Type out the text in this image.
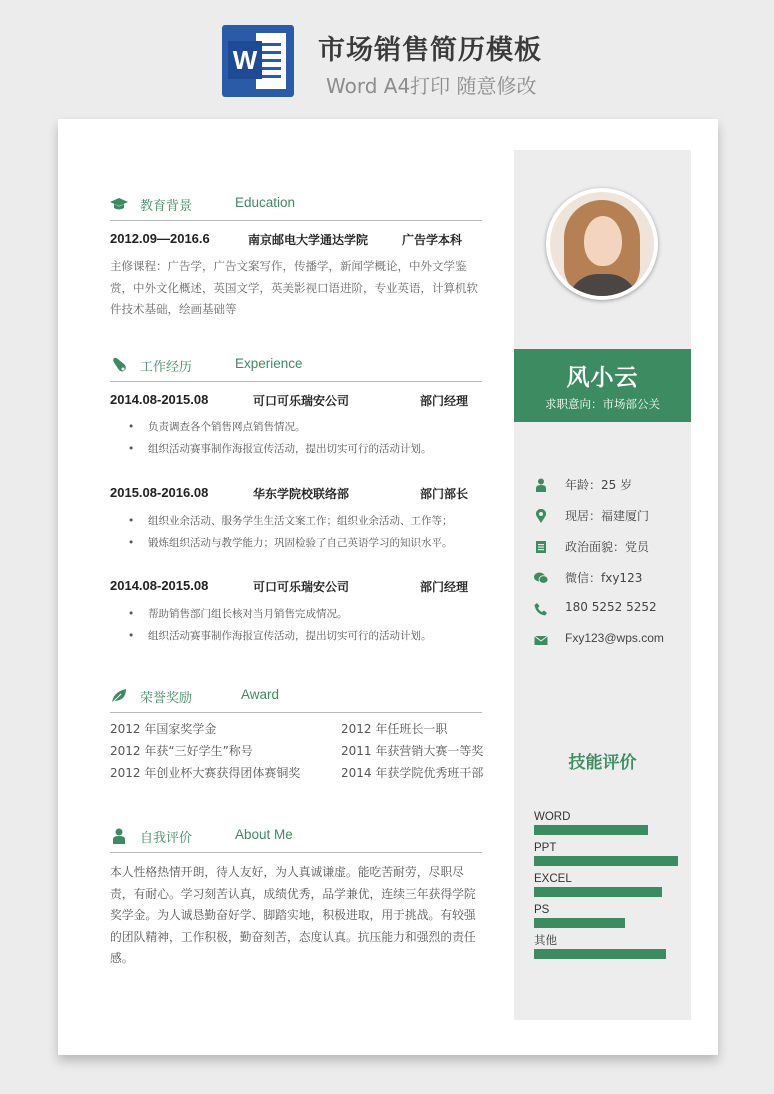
W 市场销售简历模板
Word A4打印 随意修改
教育背景	Education
2012.09—2016.6	南京邮电大学通达学院	广告学本科
主修课程：广告学，广告文案写作，传播学，新闻学概论，中外文学鉴赏，中外文化概述，英国文学，英美影视口语进阶，专业英语，计算机软件技术基础，绘画基础等
工作经历	Experience
2014.08-2015.08	可口可乐瑞安公司	部门经理
• 负责调查各个销售网点销售情况。
• 组织活动赛事制作海报宣传活动，提出切实可行的活动计划。
2015.08-2016.08	华东学院校联络部	部门部长
• 组织业余活动、服务学生生活文案工作；组织业余活动、工作等；
• 锻炼组织活动与教学能力；巩固检验了自己英语学习的知识水平。
2014.08-2015.08	可口可乐瑞安公司	部门经理
• 帮助销售部门组长核对当月销售完成情况。
• 组织活动赛事制作海报宣传活动，提出切实可行的活动计划。
荣誉奖励	Award
2012 年国家奖学金	2012 年任班长一职
2012 年获“三好学生”称号	2011 年获营销大赛一等奖
2012 年创业杯大赛获得团体赛铜奖	2014 年获学院优秀班干部
自我评价	About Me
本人性格热情开朗，待人友好，为人真诚谦虚。能吃苦耐劳，尽职尽责，有耐心。学习刻苦认真，成绩优秀，品学兼优，连续三年获得学院奖学金。为人诚恳勤奋好学、脚踏实地，积极进取，用于挑战。有较强的团队精神，工作积极，勤奋刻苦，态度认真。抗压能力和强烈的责任感。
风小云
求职意向：市场部公关
年龄：25 岁
现居：福建厦门
政治面貌：党员
微信：fxy123
180 5252 5252
Fxy123@wps.com
技能评价
WORD
PPT
EXCEL
PS
其他
